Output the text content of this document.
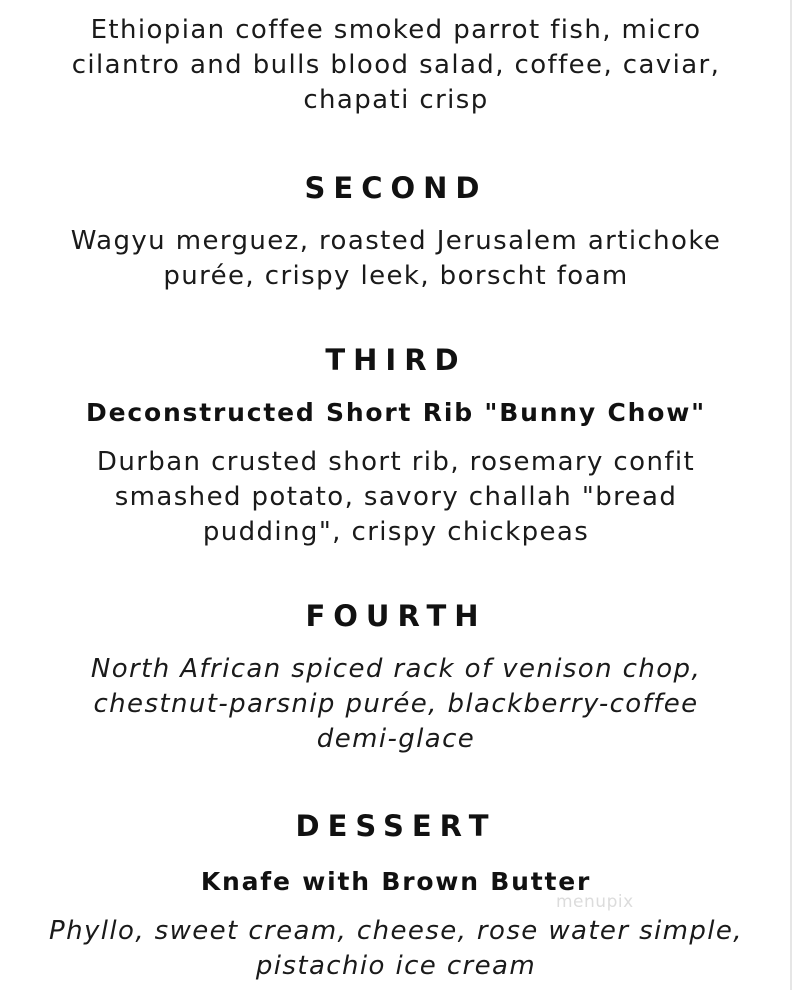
Ethiopian coffee smoked parrot fish, micro
cilantro and bulls blood salad, coffee, caviar,
chapati crisp
SECOND
Wagyu merguez, roasted Jerusalem artichoke
purée, crispy leek, borscht foam
THIRD
Deconstructed Short Rib "Bunny Chow"
Durban crusted short rib, rosemary confit
smashed potato, savory challah "bread
pudding", crispy chickpeas
FOURTH
North African spiced rack of venison chop,
chestnut-parsnip purée, blackberry-coffee
demi-glace
DESSERT
Knafe with Brown Butter
Phyllo, sweet cream, cheese, rose water simple,
pistachio ice cream
menupix
